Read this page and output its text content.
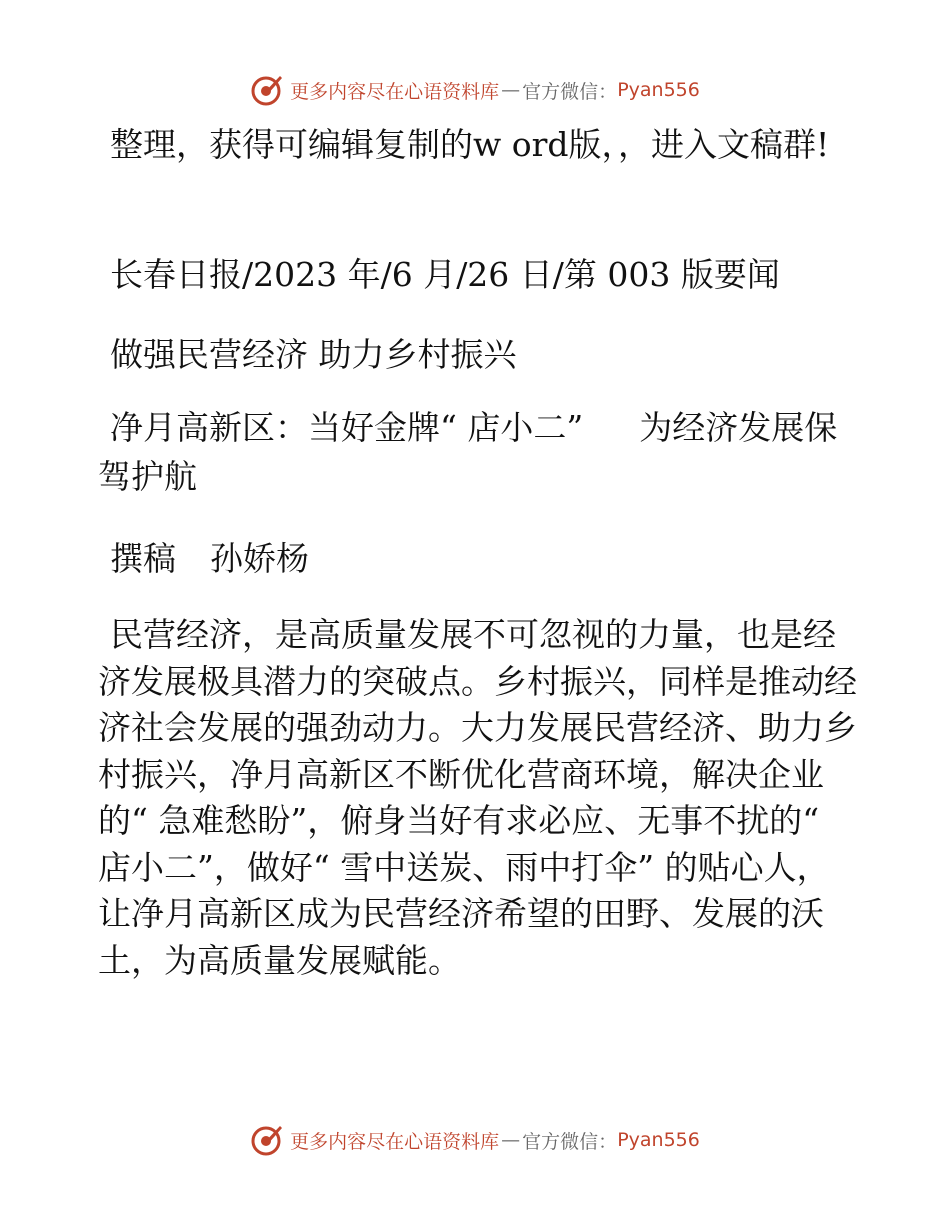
更多内容尽在心语资料库 — 官方微信： Pyan556

整理，获得可编辑复制的w ord版，，进入文稿群!

长春日报/2023 年/6 月/26 日/第 003 版要闻

做强民营经济 助力乡村振兴

净月高新区：当好金牌“ 店小二” 为经济发展保驾护航

撰稿 孙娇杨

民营经济，是高质量发展不可忽视的力量，也是经济发展极具潜力的突破点。乡村振兴，同样是推动经济社会发展的强劲动力。大力发展民营经济、助力乡村振兴，净月高新区不断优化营商环境，解决企业的“ 急难愁盼”，俯身当好有求必应、无事不扰的“ 店小二”，做好“ 雪中送炭、雨中打伞” 的贴心人，让净月高新区成为民营经济希望的田野、发展的沃土，为高质量发展赋能。

更多内容尽在心语资料库 — 官方微信： Pyan556
